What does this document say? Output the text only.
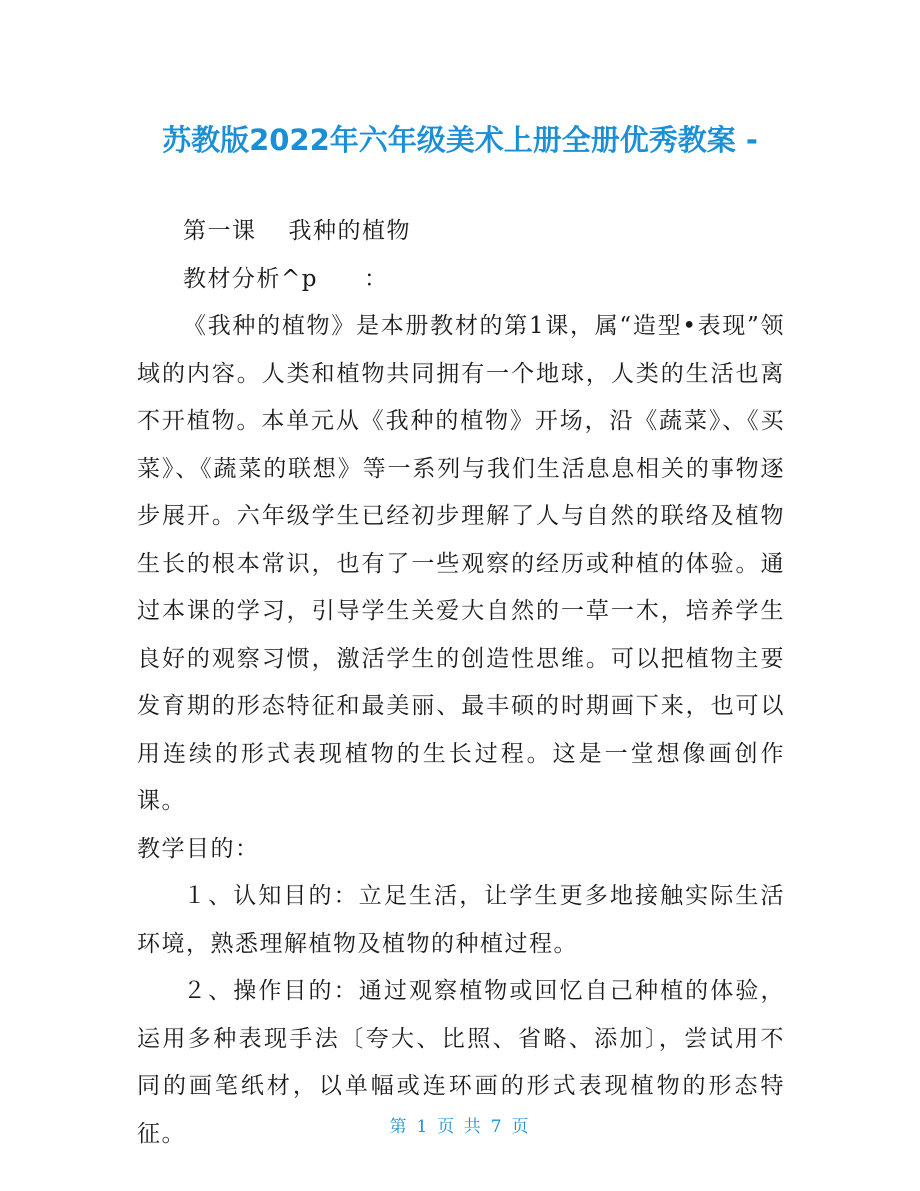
苏教版2022年六年级美术上册全册优秀教案 -

第一课 我种的植物

教材分析^p ：

《我种的植物》是本册教材的第1课，属“造型•表现”领域的内容。人类和植物共同拥有一个地球，人类的生活也离不开植物。本单元从《我种的植物》开场，沿《蔬菜》、《买菜》、《蔬菜的联想》等一系列与我们生活息息相关的事物逐步展开。六年级学生已经初步理解了人与自然的联络及植物生长的根本常识，也有了一些观察的经历或种植的体验。通过本课的学习，引导学生关爱大自然的一草一木，培养学生良好的观察习惯，激活学生的创造性思维。可以把植物主要发育期的形态特征和最美丽、最丰硕的时期画下来，也可以用连续的形式表现植物的生长过程。这是一堂想像画创作课。

教学目的：

１、认知目的：立足生活，让学生更多地接触实际生活环境，熟悉理解植物及植物的种植过程。

２、操作目的：通过观察植物或回忆自己种植的体验，运用多种表现手法〔夸大、比照、省略、添加〕，尝试用不同的画笔纸材，以单幅或连环画的形式表现植物的形态特征。	第 1 页 共 7 页
